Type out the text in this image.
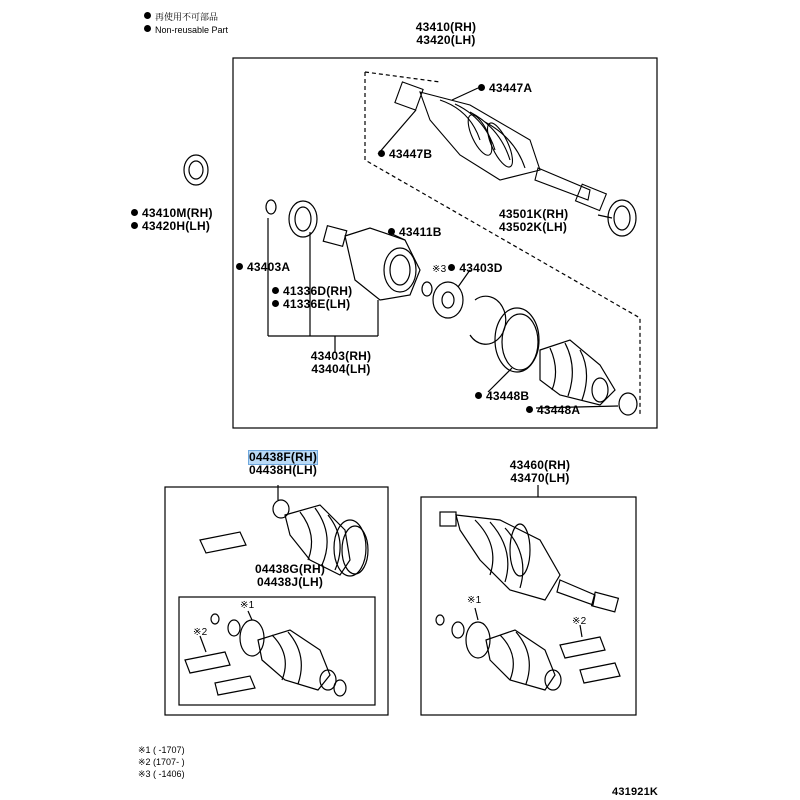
再使用不可部品
Non-reusable Part	43410(RH)
43420(LH)
43447A
43447B
43410M(RH)
43420H(LH)
43501K(RH)
43502K(LH)
43411B
43403A	※3 43403D
41336D(RH)
41336E(LH)
43403(RH)
43404(LH)
43448B
43448A
04438F(RH)
04438H(LH)
04438G(RH)
04438J(LH)
※1
※2
43460(RH)
43470(LH)
※1
※2
※1 ( -1707)
※2 (1707- )
※3 ( -1406)
431921K
